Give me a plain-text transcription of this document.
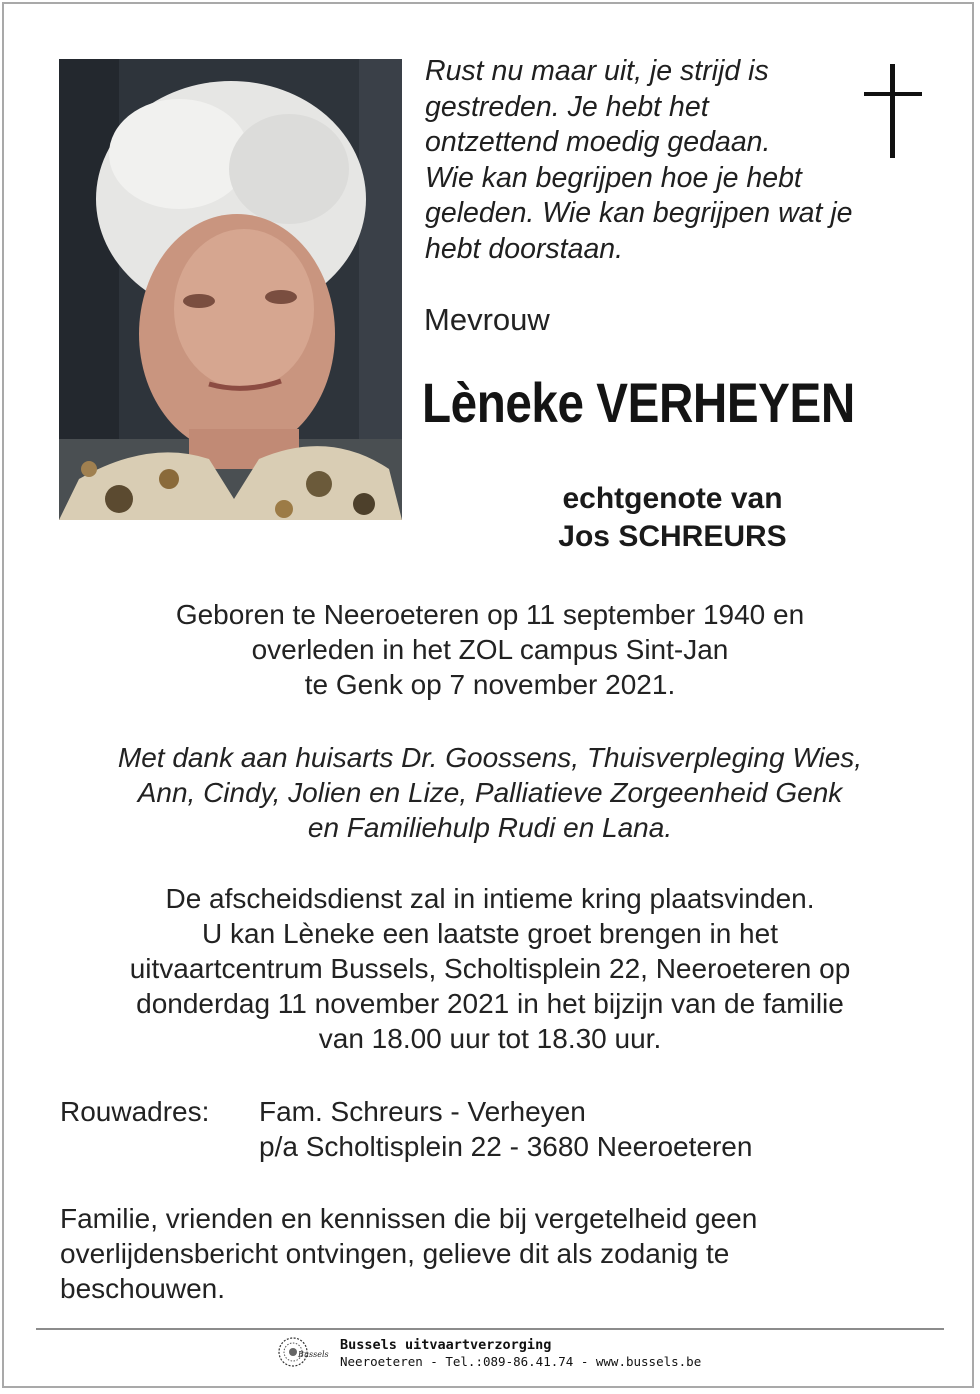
Rust nu maar uit, je strijd is
gestreden. Je hebt het
ontzettend moedig gedaan.
Wie kan begrijpen hoe je hebt
geleden. Wie kan begrijpen wat je
hebt doorstaan.
Mevrouw
Lèneke VERHEYEN
echtgenote van
Jos SCHREURS
Geboren te Neeroeteren op 11 september 1940 en
overleden in het ZOL campus Sint-Jan
te Genk op 7 november 2021.
Met dank aan huisarts Dr. Goossens, Thuisverpleging Wies,
Ann, Cindy, Jolien en Lize, Palliatieve Zorgeenheid Genk
en Familiehulp Rudi en Lana.
De afscheidsdienst zal in intieme kring plaatsvinden.
U kan Lèneke een laatste groet brengen in het
uitvaartcentrum Bussels, Scholtisplein 22, Neeroeteren op
donderdag 11 november 2021 in het bijzijn van de familie
van 18.00 uur tot 18.30 uur.
Rouwadres: Fam. Schreurs - Verheyen
p/a Scholtisplein 22 - 3680 Neeroeteren
Familie, vrienden en kennissen die bij vergetelheid geen
overlijdensbericht ontvingen, gelieve dit als zodanig te
beschouwen.
Bussels
Bussels uitvaartverzorging
Neeroeteren - Tel.:089-86.41.74 - www.bussels.be
